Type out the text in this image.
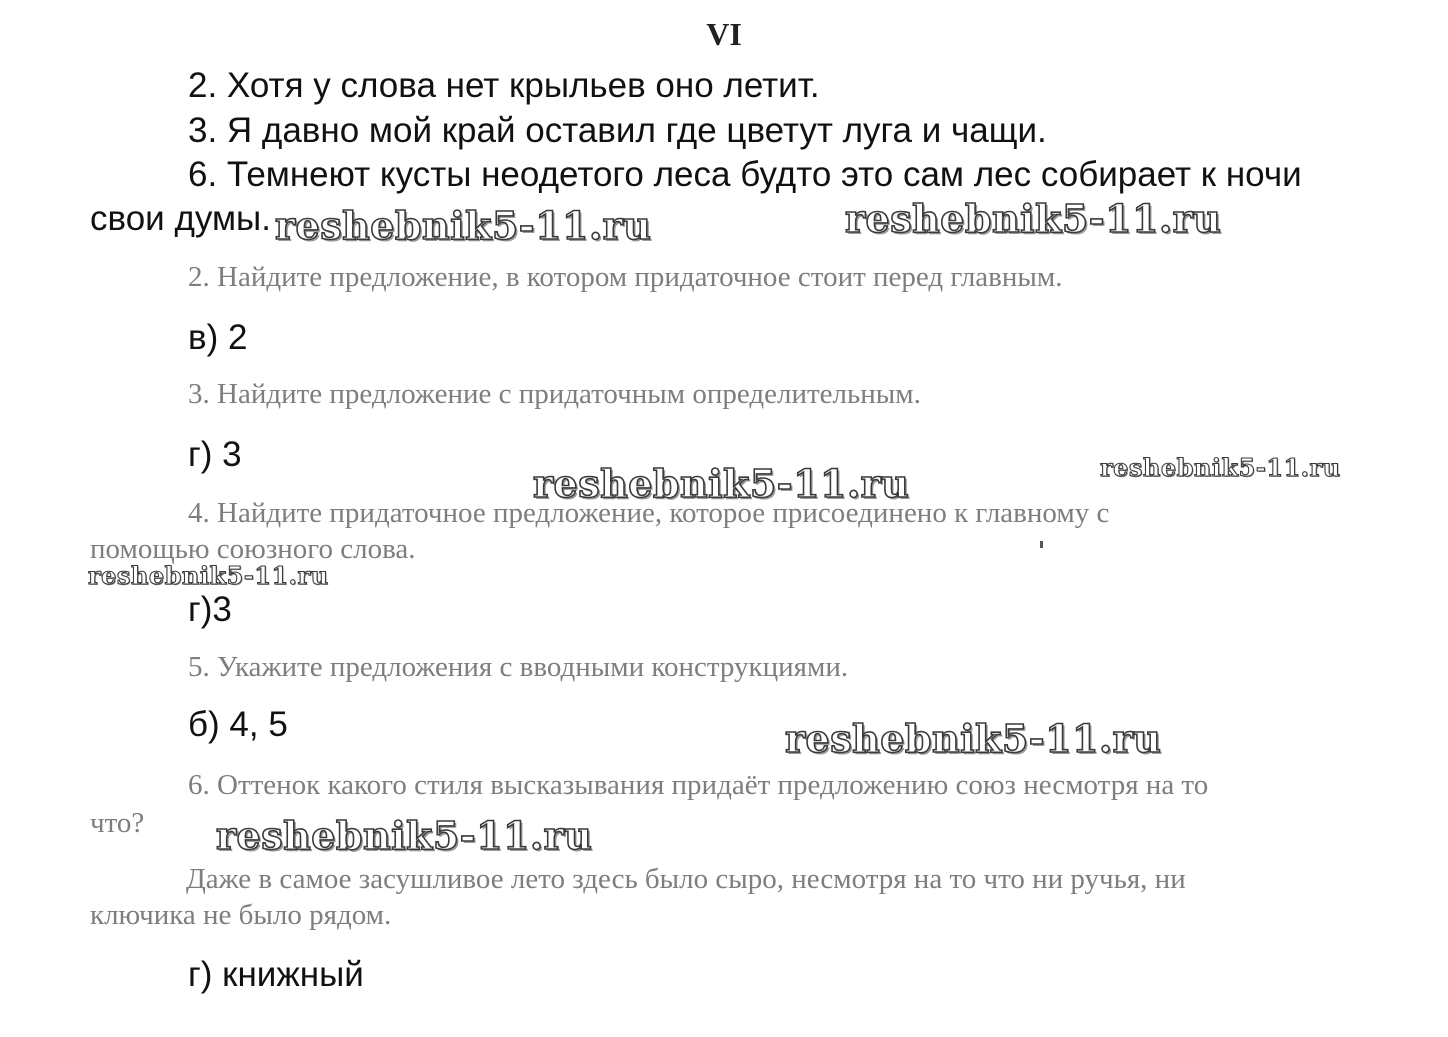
VI

2. Хотя у слова нет крыльев оно летит.

3. Я давно мой край оставил где цветут луга и чащи.

6. Темнеют кусты неодетого леса будто это сам лес собирает к ночи

свои думы.

2. Найдите предложение, в котором придаточное стоит перед главным.

в) 2

3. Найдите предложение с придаточным определительным.

г) 3

4. Найдите придаточное предложение, которое присоединено к главному с

помощью союзного слова.

г)3

5. Укажите предложения с вводными конструкциями.

б) 4, 5

6. Оттенок какого стиля высказывания придаёт предложению союз несмотря на то

что?

Даже в самое засушливое лето здесь было сыро, несмотря на то что ни ручья, ни

ключика не было рядом.

г) книжный

reshebnik5-11.ru	reshebnik5-11.ru
reshebnik5-11.ru	reshebnik5-11.ru
reshebnik5-11.ru
reshebnik5-11.ru
reshebnik5-11.ru
